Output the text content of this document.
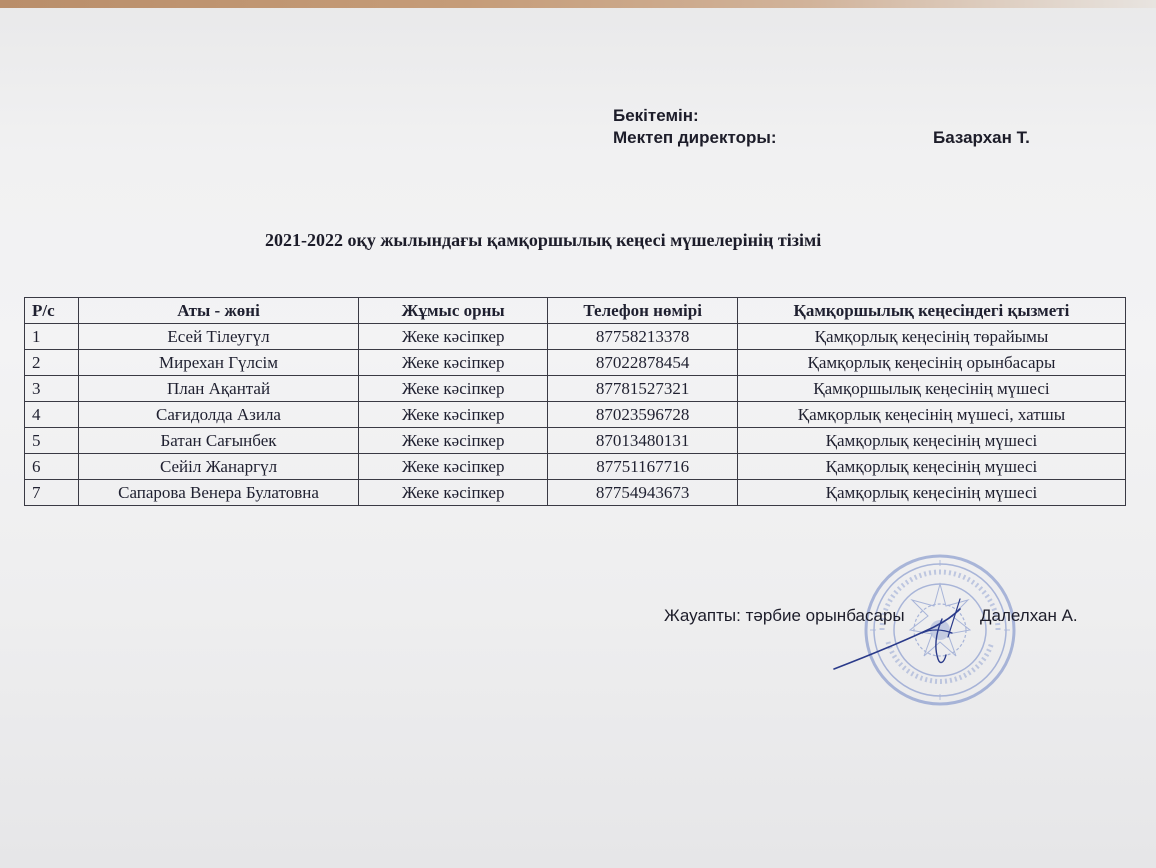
Бекітемін:
Мектеп директоры:	Базархан Т.
2021-2022 оқу жылындағы қамқоршылық кеңесі мүшелерінің тізімі
Р/с	Аты - жөні	Жұмыс орны	Телефон нөмірі	Қамқоршылық кеңесіндегі қызметі
1	Есей Тілеугүл	Жеке кәсіпкер	87758213378	Қамқорлық кеңесінің төрайымы
2	Мирехан Гүлсім	Жеке кәсіпкер	87022878454	Қамқорлық кеңесінің орынбасары
3	План Ақантай	Жеке кәсіпкер	87781527321	Қамқоршылық кеңесінің мүшесі
4	Сағидолда Азила	Жеке кәсіпкер	87023596728	Қамқорлық кеңесінің мүшесі, хатшы
5	Батан Сағынбек	Жеке кәсіпкер	87013480131	Қамқорлық кеңесінің мүшесі
6	Сейіл Жанаргүл	Жеке кәсіпкер	87751167716	Қамқорлық кеңесінің мүшесі
7	Сапарова Венера Булатовна	Жеке кәсіпкер	87754943673	Қамқорлық кеңесінің мүшесі
Жауапты: тәрбие орынбасары	Далелхан А.
